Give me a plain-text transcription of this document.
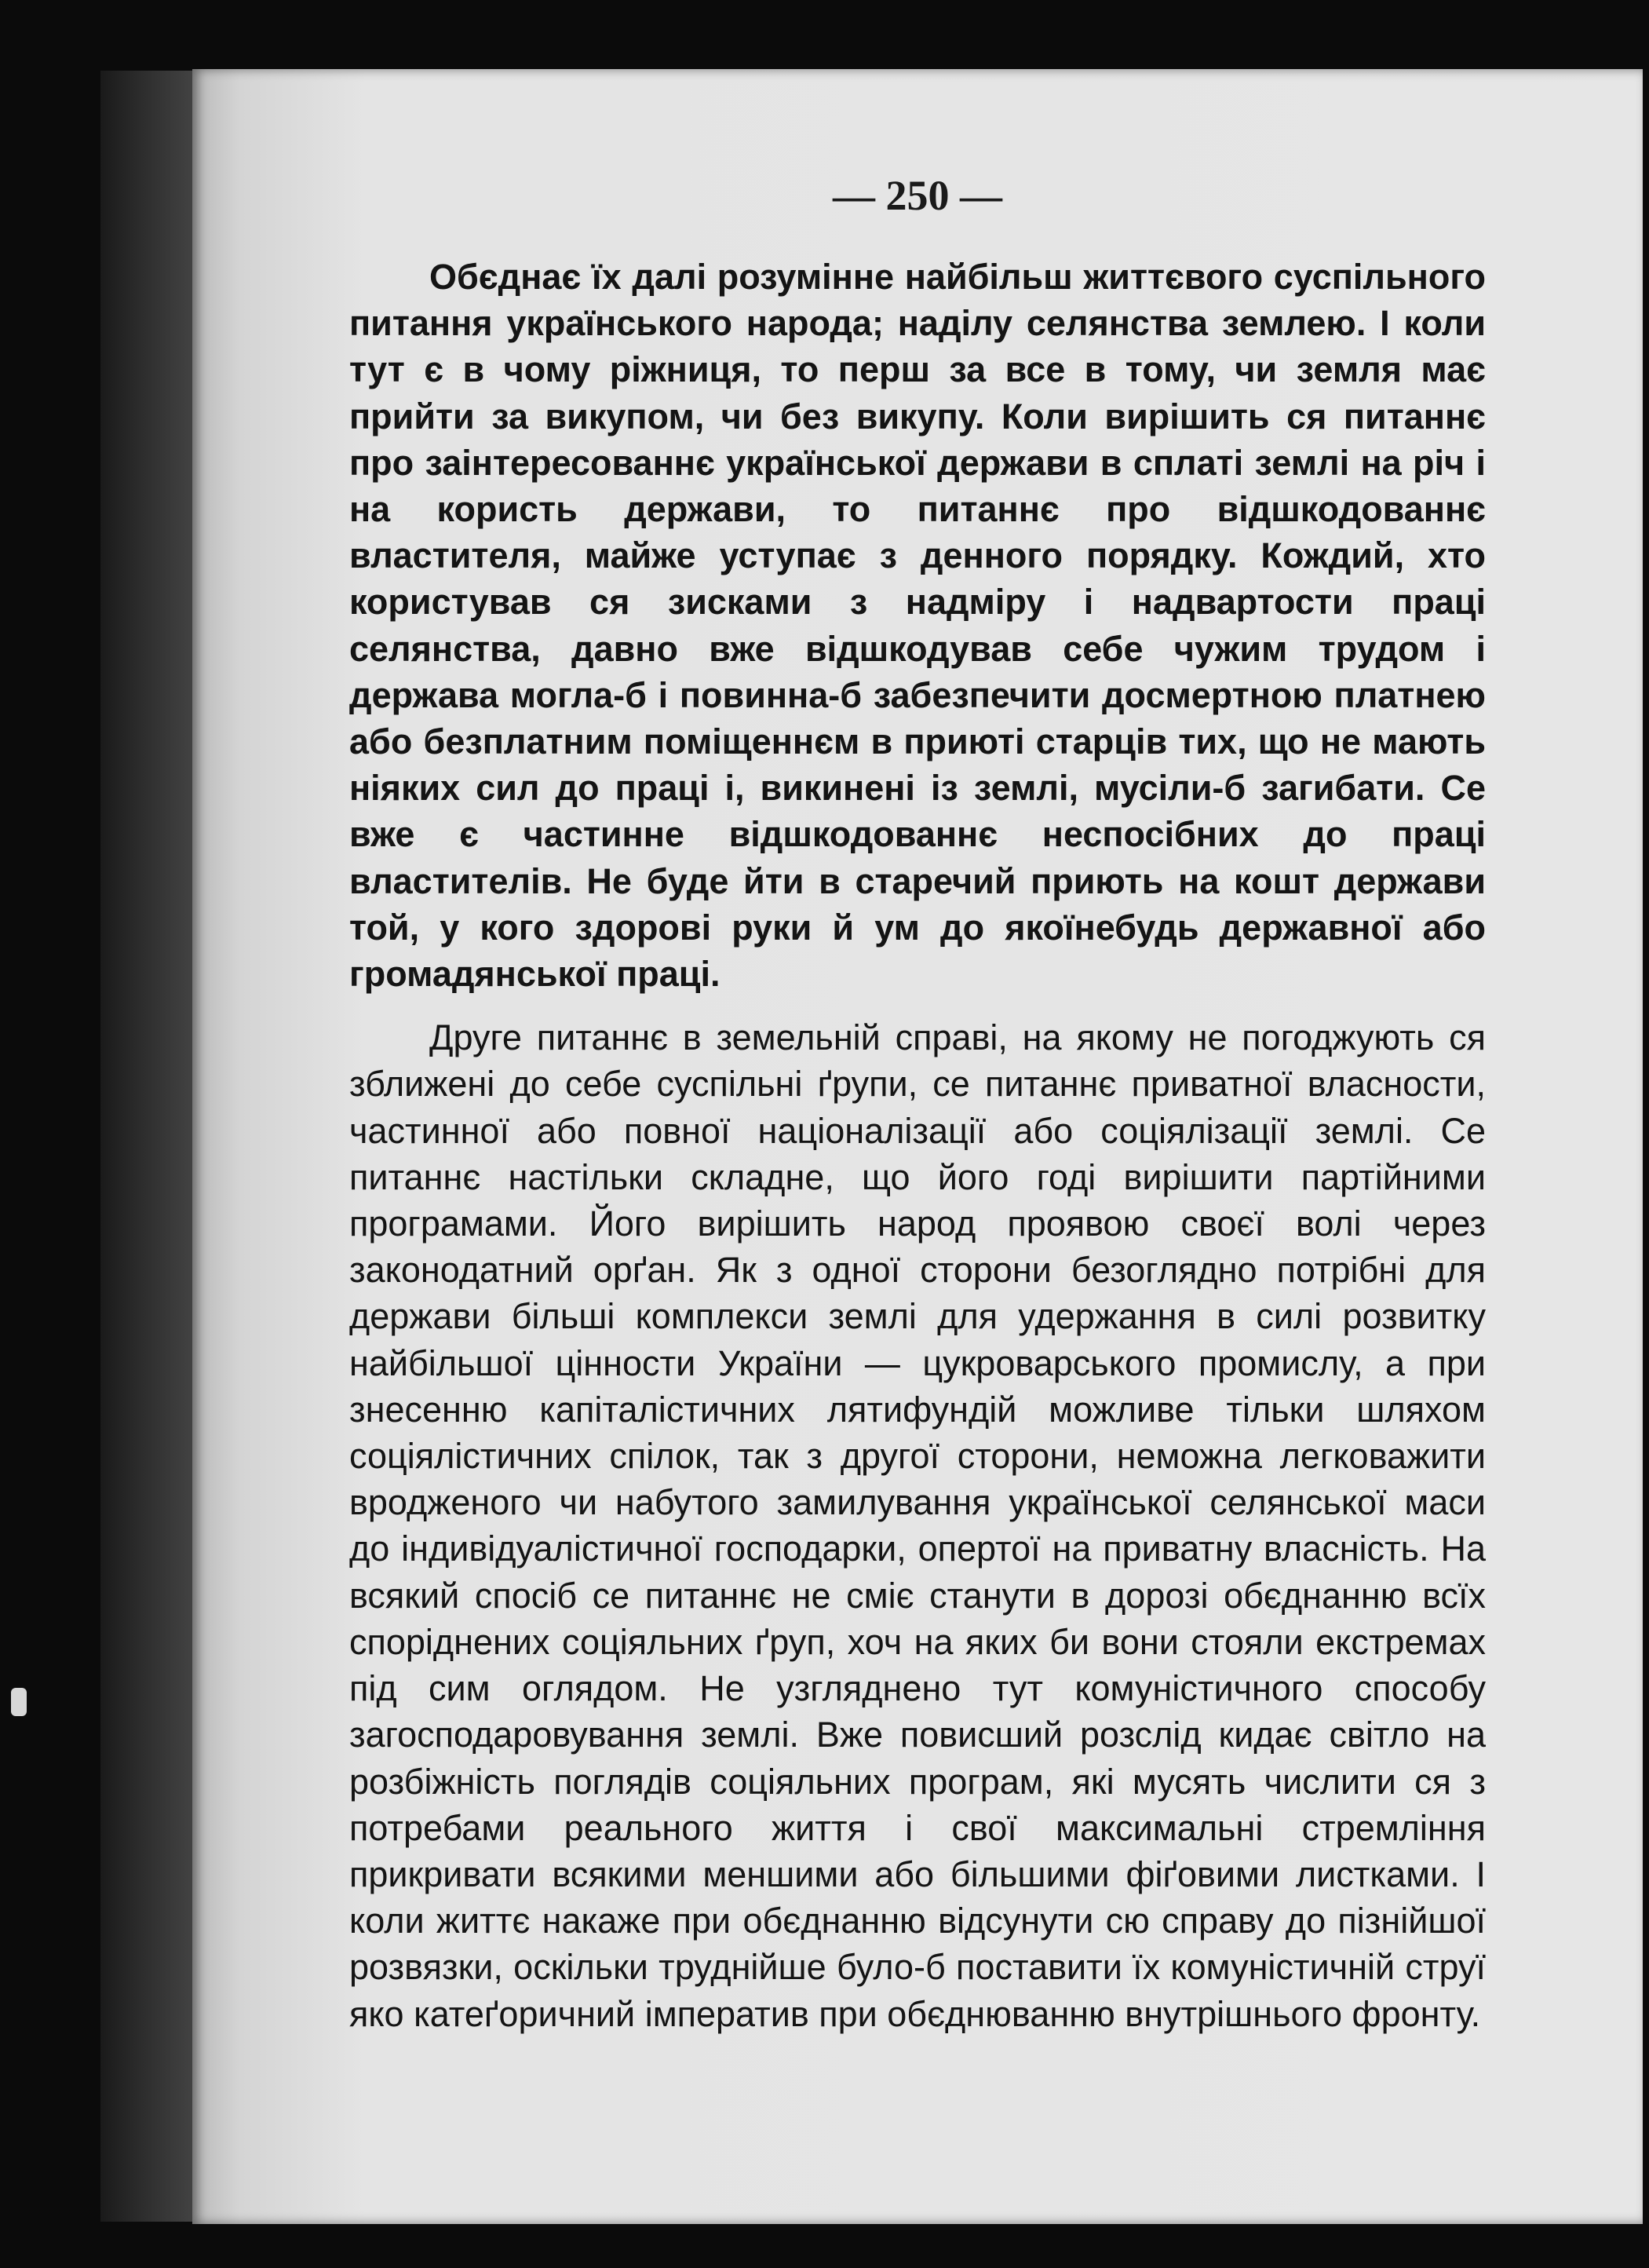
— 250 —

Обєднає їх далі розумінне найбільш життєвого суспільного питання українського народа; наділу селянства землею. І коли тут є в чому ріжниця, то перш за все в тому, чи земля має прийти за викупом, чи без викупу. Коли вирішить ся питаннє про заінтересованнє української держави в сплаті землі на річ і на користь держави, то питаннє про відшкодованнє властителя, майже уступає з денного порядку. Кождий, хто користував ся зисками з надміру і надвартости праці селянства, давно вже відшкодував себе чужим трудом і держава могла-б і повинна-б забезпечити досмертною платнею або безплатним поміщеннєм в приюті старців тих, що не мають ніяких сил до праці і, викинені із землі, мусіли-б загибати. Се вже є частинне відшкодованнє неспосібних до праці властителів. Не буде йти в старечий приють на кошт держави той, у кого здорові руки й ум до якоїнебудь державної або громадянської праці.

Друге питаннє в земельній справі, на якому не погоджують ся зближені до себе суспільні ґрупи, се питаннє приватної власности, частинної або повної націоналізації або соціялізації землі. Се питаннє настільки складне, що його годі вирішити партійними програмами. Його вирішить народ проявою своєї волі через законодатний орґан. Як з одної сторони безоглядно потрібні для держави більші комплекси землі для удержання в силі розвитку найбільшої цінности України — цукроварського промислу, а при знесенню капіталістичних лятифундій можливе тільки шляхом соціялістичних спілок, так з другої сторони, неможна легковажити вродженого чи набутого замилування української селянської маси до індивідуалістичної господарки, опертої на приватну власність. На всякий спосіб се питаннє не сміє станути в дорозі обєднанню всїх споріднених соціяльних ґруп, хоч на яких би вони стояли екстремах під сим оглядом. Не узгляднено тут комуністичного способу загосподаровування землі. Вже повисший розслід кидає світло на розбіжність поглядів соціяльних програм, які мусять числити ся з потребами реального життя і свої максимальні стремління прикривати всякими меншими або більшими фіґовими листками. І коли життє накаже при обєднанню відсунути сю справу до пізнійшої розвязки, оскільки труднійше було-б поставити їх комуністичній струї яко катеґоричний імператив при обєднюванню внутрішнього фронту.
